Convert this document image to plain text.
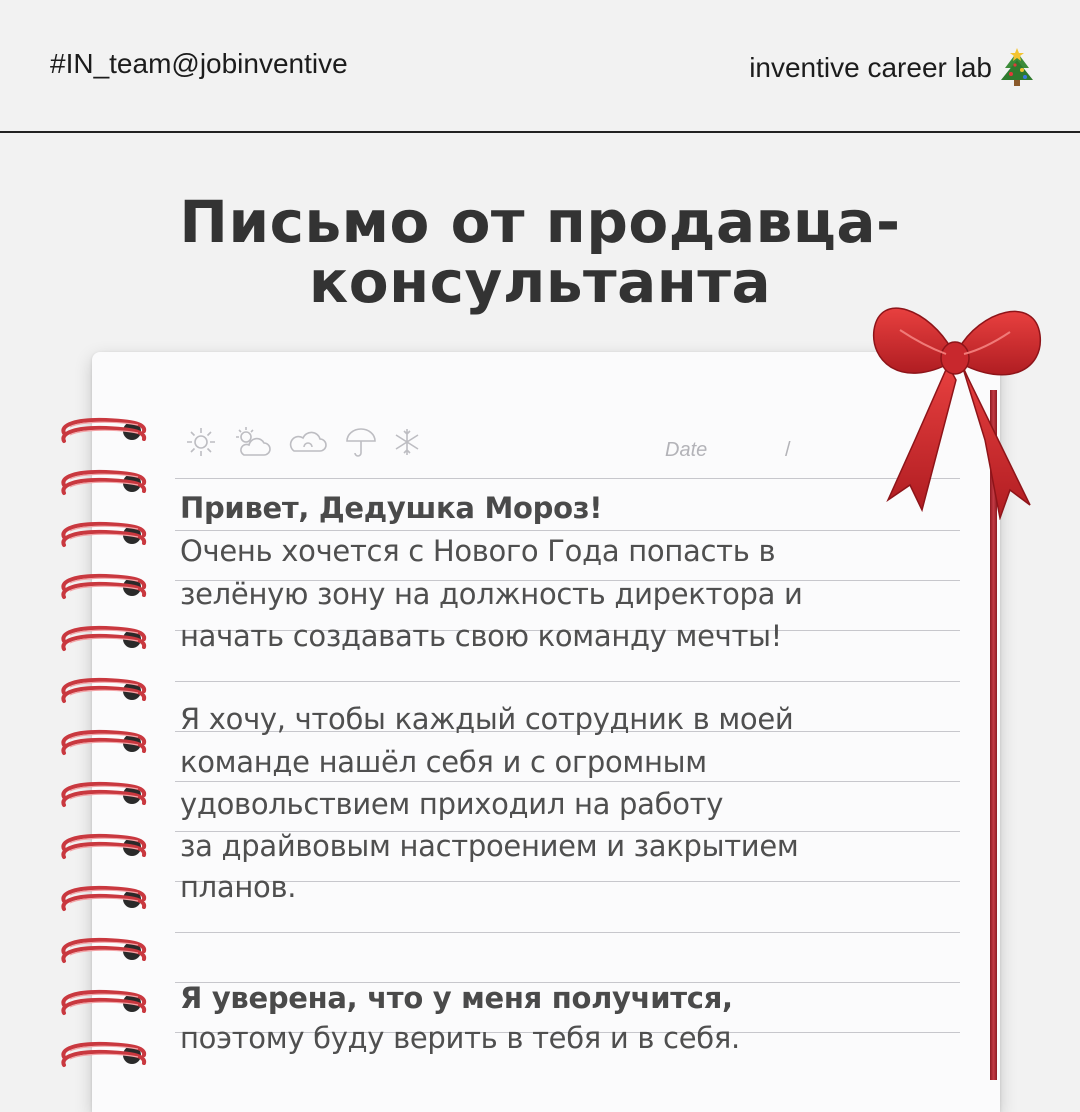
#IN_team@jobinventive	inventive career lab
Письмо от продавца-
консультанта
Date	/
Привет, Дедушка Мороз!
Очень хочется с Нового Года попасть в
зелёную зону на должность директора и
начать создавать свою команду мечты!
Я хочу, чтобы каждый сотрудник в моей
команде нашёл себя и с огромным
удовольствием приходил на работу
за драйвовым настроением и закрытием
планов.
Я уверена, что у меня получится,
поэтому буду верить в тебя и в себя.
